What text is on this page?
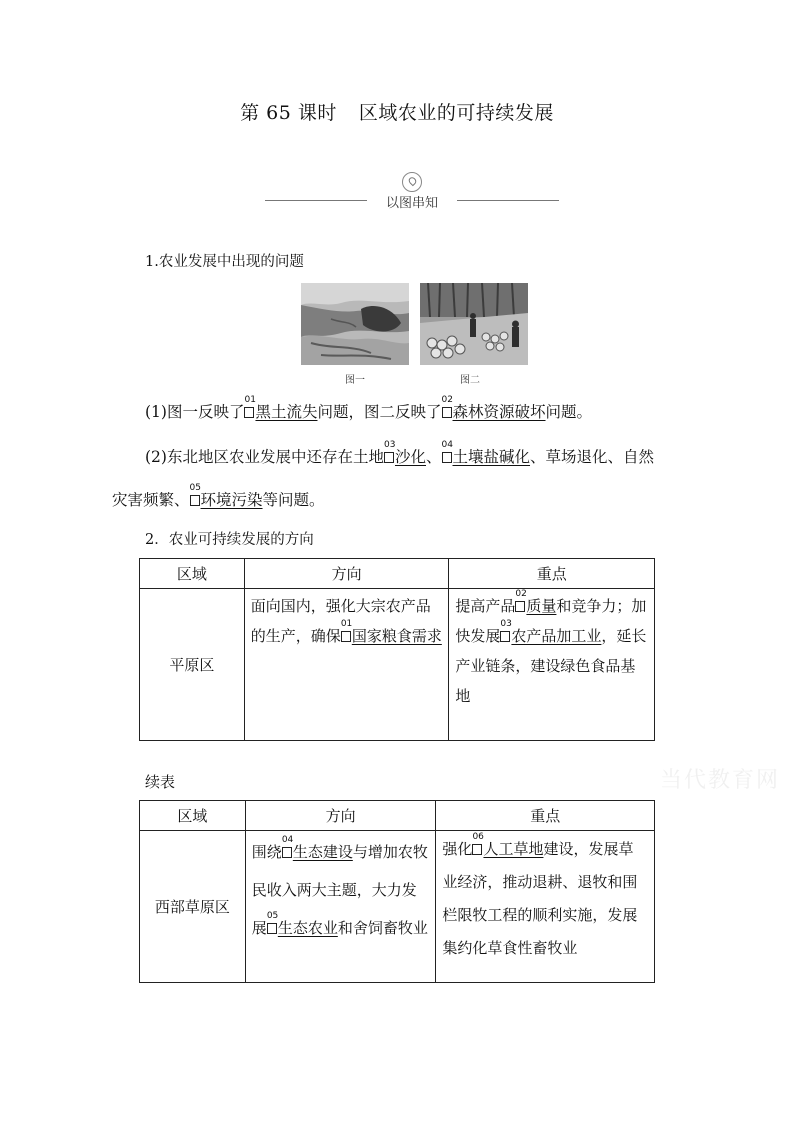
第 65 课时 区域农业的可持续发展
以图串知
1.农业发展中出现的问题
图一	图二
(1)图一反映了
01
黑土流失问题，图二反映了
02
森林资源破坏问题。
(2)东北地区农业发展中还存在土地
03
沙化、
04
土壤盐碱化、草场退化、自然
灾害频繁、
05
环境污染等问题。
2．农业可持续发展的方向
区域	方向	重点
平原区	面向国内，强化大宗农产品的生产，确保
01
国家粮食需求	提高产品
02
质量和竞争力；加快发展
03
农产品加工业，延长产业链条，建设绿色食品基地
续表	当代教育网
区域	方向	重点
西部草原区	围绕
04
生态建设与增加农牧民收入两大主题，大力发展
05
生态农业和舍饲畜牧业	强化
06
人工草地建设，发展草业经济，推动退耕、退牧和围栏限牧工程的顺利实施，发展集约化草食性畜牧业
